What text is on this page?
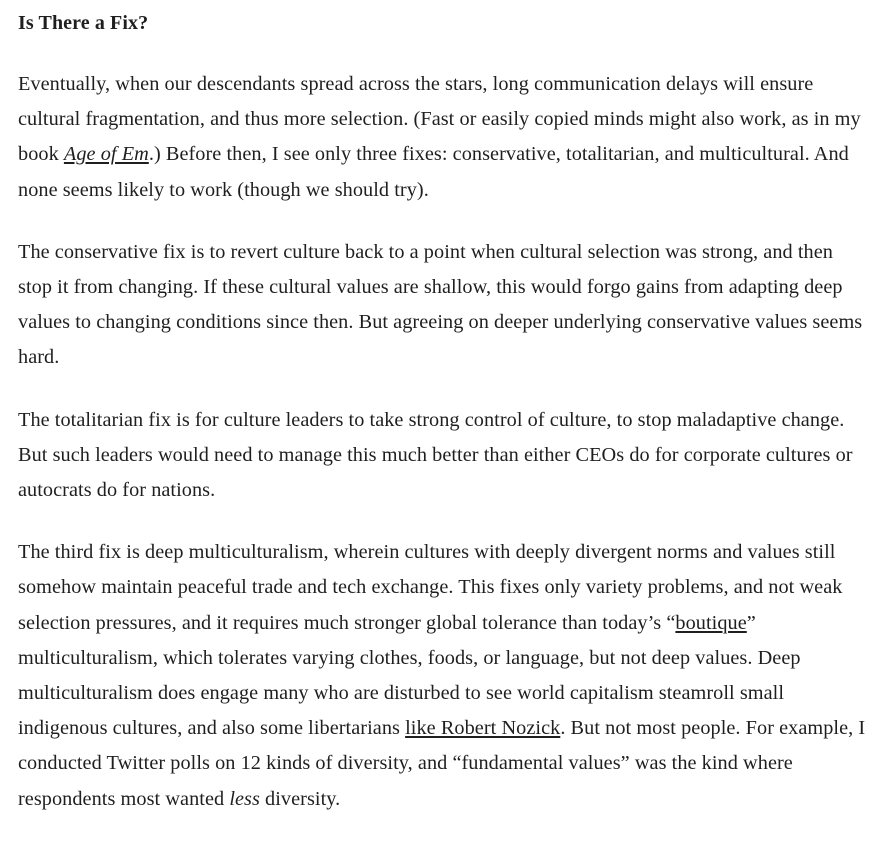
Is There a Fix?

Eventually, when our descendants spread across the stars, long communication delays will ensure cultural fragmentation, and thus more selection. (Fast or easily copied minds might also work, as in my book Age of Em.) Before then, I see only three fixes: conservative, totalitarian, and multicultural. And none seems likely to work (though we should try).

The conservative fix is to revert culture back to a point when cultural selection was strong, and then stop it from changing. If these cultural values are shallow, this would forgo gains from adapting deep values to changing conditions since then. But agreeing on deeper underlying conservative values seems hard.

The totalitarian fix is for culture leaders to take strong control of culture, to stop maladaptive change. But such leaders would need to manage this much better than either CEOs do for corporate cultures or autocrats do for nations.

The third fix is deep multiculturalism, wherein cultures with deeply divergent norms and values still somehow maintain peaceful trade and tech exchange. This fixes only variety problems, and not weak selection pressures, and it requires much stronger global tolerance than today’s “boutique” multiculturalism, which tolerates varying clothes, foods, or language, but not deep values. Deep multiculturalism does engage many who are disturbed to see world capitalism steamroll small indigenous cultures, and also some libertarians like Robert Nozick. But not most people. For example, I conducted Twitter polls on 12 kinds of diversity, and “fundamental values” was the kind where respondents most wanted less diversity.
